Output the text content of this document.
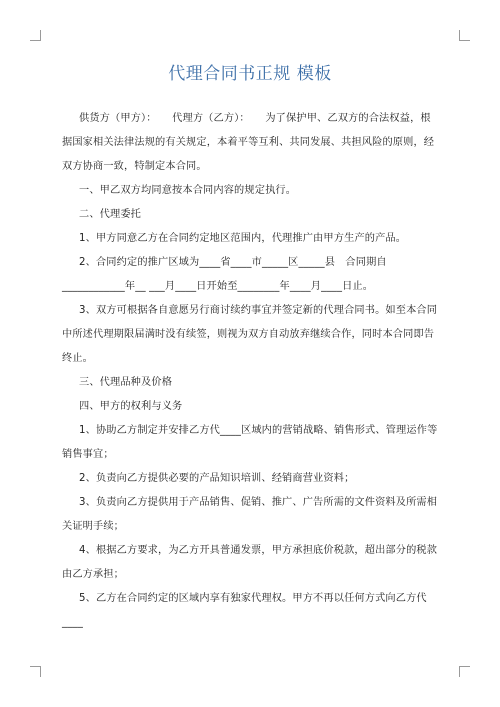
代理合同书正规 模板

供货方（甲方）：　　代理方（乙方）：　　为了保护甲、乙双方的合法权益，根据国家相关法律法规的有关规定，本着平等互利、共同发展、共担风险的原则，经双方协商一致，特制定本合同。

一、甲乙双方均同意按本合同内容的规定执行。

二、代理委托

1、甲方同意乙方在合同约定地区范围内，代理推广由甲方生产的产品。

2、合同约定的推广区域为____省____市_____区_____县　合同期自____________年__ ___月____日开始至________年____月____日止。

3、双方可根据各自意愿另行商讨续约事宜并签定新的代理合同书。如至本合同中所述代理期限届满时没有续签，则视为双方自动放弃继续合作，同时本合同即告终止。

三、代理品种及价格

四、甲方的权利与义务

1、协助乙方制定并安排乙方代____区域内的营销战略、销售形式、管理运作等销售事宜；

2、负责向乙方提供必要的产品知识培训、经销商营业资料；

3、负责向乙方提供用于产品销售、促销、推广、广告所需的文件资料及所需相关证明手续；

4、根据乙方要求，为乙方开具普通发票，甲方承担底价税款，超出部分的税款由乙方承担；

5、乙方在合同约定的区域内享有独家代理权。甲方不再以任何方式向乙方代____
